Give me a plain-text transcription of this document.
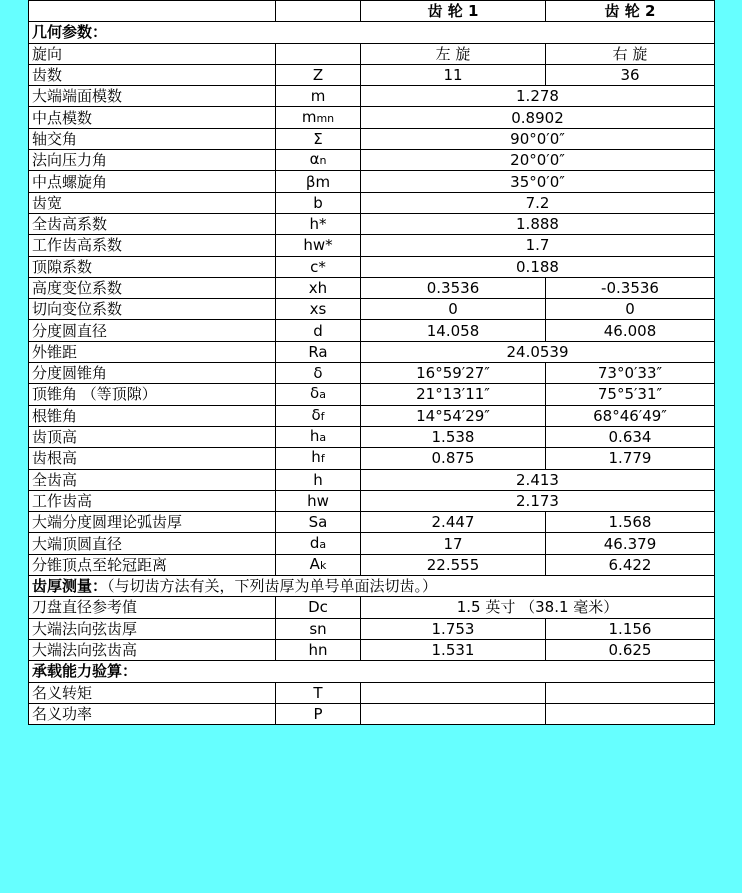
		齿 轮 1	齿 轮 2
几何参数：			
旋向		左 旋	右 旋
齿数	Z	11	36
大端端面模数	m	1.278	
中点模数	mmn	0.8902	
轴交角	Σ	90°0′0″	
法向压力角	αn	20°0′0″	
中点螺旋角	βm	35°0′0″	
齿宽	b	7.2	
全齿高系数	h*	1.888	
工作齿高系数	hw*	1.7	
顶隙系数	c*	0.188	
高度变位系数	xh	0.3536	-0.3536
切向变位系数	xs	0	0
分度圆直径	d	14.058	46.008
外锥距	Ra	24.0539	
分度圆锥角	δ	16°59′27″	73°0′33″
顶锥角 （等顶隙）	δa	21°13′11″	75°5′31″
根锥角	δf	14°54′29″	68°46′49″
齿顶高	ha	1.538	0.634
齿根高	hf	0.875	1.779
全齿高	h	2.413	
工作齿高	hw	2.173	
大端分度圆理论弧齿厚	Sa	2.447	1.568
大端顶圆直径	da	17	46.379
分锥顶点至轮冠距离	Ak	22.555	6.422
齿厚测量：（与切齿方法有关，下列齿厚为单号单面法切齿。）			
刀盘直径参考值	Dc	1.5 英寸 （38.1 毫米）	
大端法向弦齿厚	sn	1.753	1.156
大端法向弦齿高	hn	1.531	0.625
承载能力验算：			
名义转矩	T		
名义功率	P		
